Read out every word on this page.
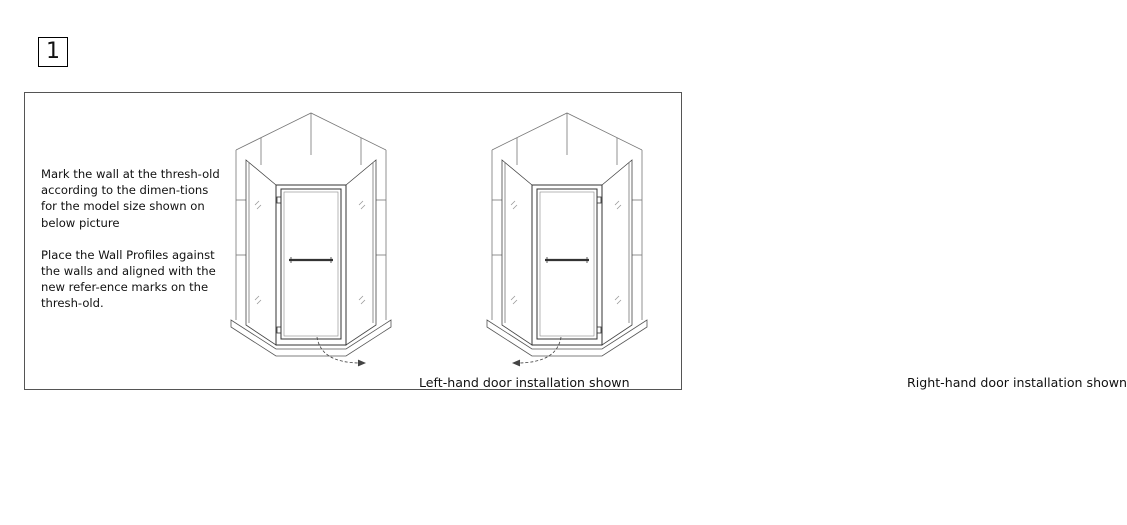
1

Mark the wall at the thresh-old according to the dimen-tions for the model size shown on below picture

Place the Wall Profiles against the walls and aligned with the new refer-ence marks on the thresh-old.

Left-hand door installation shown	Right-hand door installation shown
